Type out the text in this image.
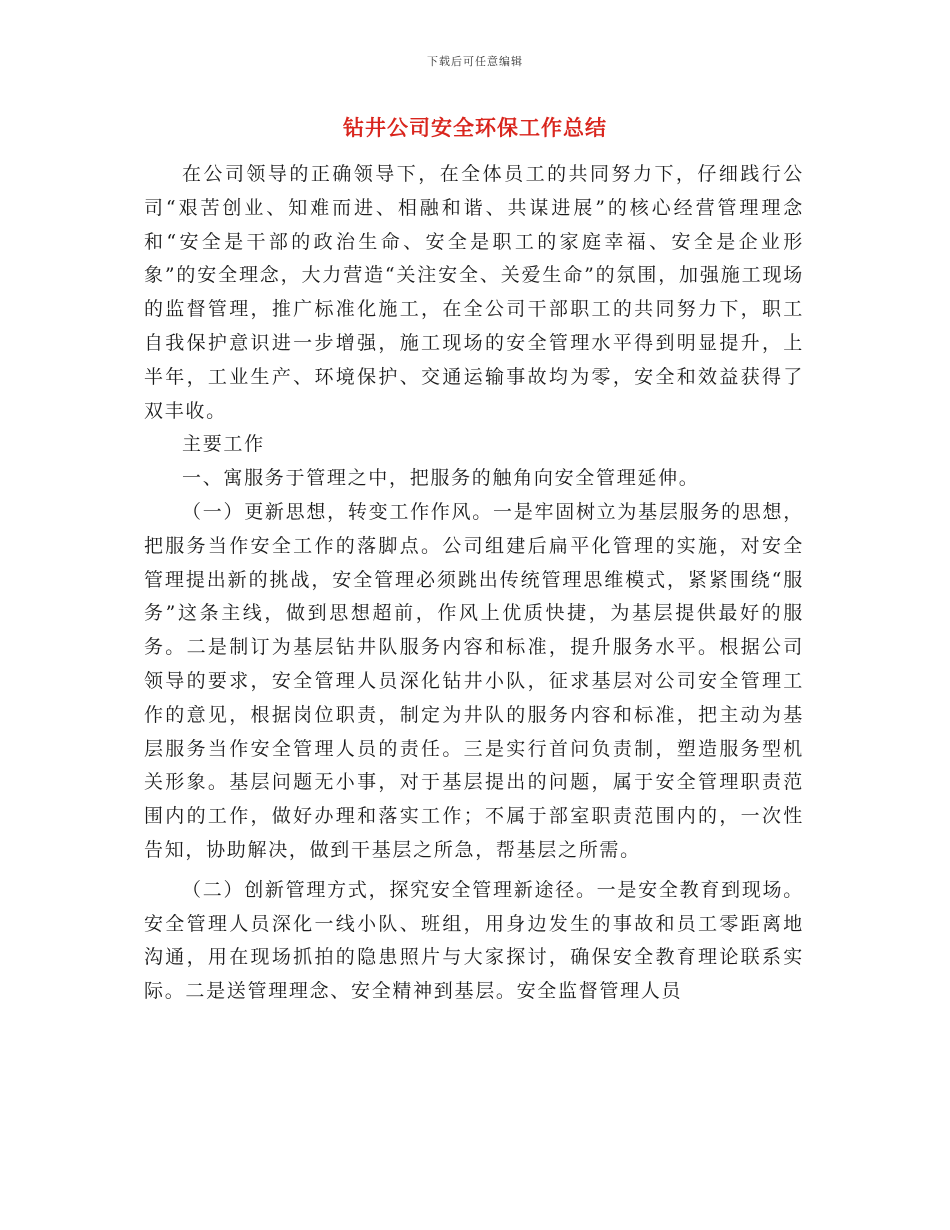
下载后可任意编辑
钻井公司安全环保工作总结

在公司领导的正确领导下，在全体员工的共同努力下，仔细践行公司“艰苦创业、知难而进、相融和谐、共谋进展”的核心经营管理理念和“安全是干部的政治生命、安全是职工的家庭幸福、安全是企业形象”的安全理念，大力营造“关注安全、关爱生命”的氛围，加强施工现场的监督管理，推广标准化施工，在全公司干部职工的共同努力下，职工自我保护意识进一步增强，施工现场的安全管理水平得到明显提升，上半年，工业生产、环境保护、交通运输事故均为零，安全和效益获得了双丰收。

主要工作

一、寓服务于管理之中，把服务的触角向安全管理延伸。

（一）更新思想，转变工作作风。一是牢固树立为基层服务的思想，把服务当作安全工作的落脚点。公司组建后扁平化管理的实施，对安全管理提出新的挑战，安全管理必须跳出传统管理思维模式，紧紧围绕“服务”这条主线，做到思想超前，作风上优质快捷，为基层提供最好的服务。二是制订为基层钻井队服务内容和标准，提升服务水平。根据公司领导的要求，安全管理人员深化钻井小队，征求基层对公司安全管理工作的意见，根据岗位职责，制定为井队的服务内容和标准，把主动为基层服务当作安全管理人员的责任。三是实行首问负责制，塑造服务型机关形象。基层问题无小事，对于基层提出的问题，属于安全管理职责范围内的工作，做好办理和落实工作；不属于部室职责范围内的，一次性告知，协助解决，做到干基层之所急，帮基层之所需。

（二）创新管理方式，探究安全管理新途径。一是安全教育到现场。安全管理人员深化一线小队、班组，用身边发生的事故和员工零距离地沟通，用在现场抓拍的隐患照片与大家探讨，确保安全教育理论联系实际。二是送管理理念、安全精神到基层。安全监督管理人员
